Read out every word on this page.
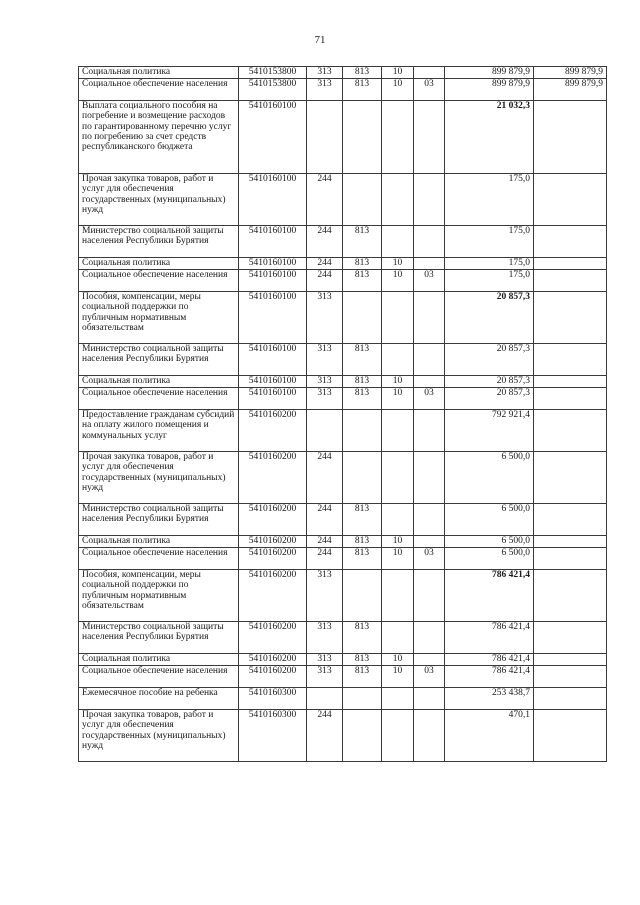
71
Социальная политика	5410153800	313	813	10		899 879,9	899 879,9
Социальное обеспечение населения	5410153800	313	813	10	03	899 879,9	899 879,9
Выплата социального пособия на погребение и возмещение расходов по гарантированному перечню услуг по погребению за счет средств республиканского бюджета	5410160100					21 032,3	
Прочая закупка товаров, работ и услуг для обеспечения государственных (муниципальных) нужд	5410160100	244				175,0	
Министерство социальной защиты населения Республики Бурятия	5410160100	244	813			175,0	
Социальная политика	5410160100	244	813	10		175,0	
Социальное обеспечение населения	5410160100	244	813	10	03	175,0	
Пособия, компенсации, меры социальной поддержки по публичным нормативным обязательствам	5410160100	313				20 857,3	
Министерство социальной защиты населения Республики Бурятия	5410160100	313	813			20 857,3	
Социальная политика	5410160100	313	813	10		20 857,3	
Социальное обеспечение населения	5410160100	313	813	10	03	20 857,3	
Предоставление гражданам субсидий на оплату жилого помещения и коммунальных услуг	5410160200					792 921,4	
Прочая закупка товаров, работ и услуг для обеспечения государственных (муниципальных) нужд	5410160200	244				6 500,0	
Министерство социальной защиты населения Республики Бурятия	5410160200	244	813			6 500,0	
Социальная политика	5410160200	244	813	10		6 500,0	
Социальное обеспечение населения	5410160200	244	813	10	03	6 500,0	
Пособия, компенсации, меры социальной поддержки по публичным нормативным обязательствам	5410160200	313				786 421,4	
Министерство социальной защиты населения Республики Бурятия	5410160200	313	813			786 421,4	
Социальная политика	5410160200	313	813	10		786 421,4	
Социальное обеспечение населения	5410160200	313	813	10	03	786 421,4	
Ежемесячное пособие на ребенка	5410160300					253 438,7	
Прочая закупка товаров, работ и услуг для обеспечения государственных (муниципальных) нужд	5410160300	244				470,1	
